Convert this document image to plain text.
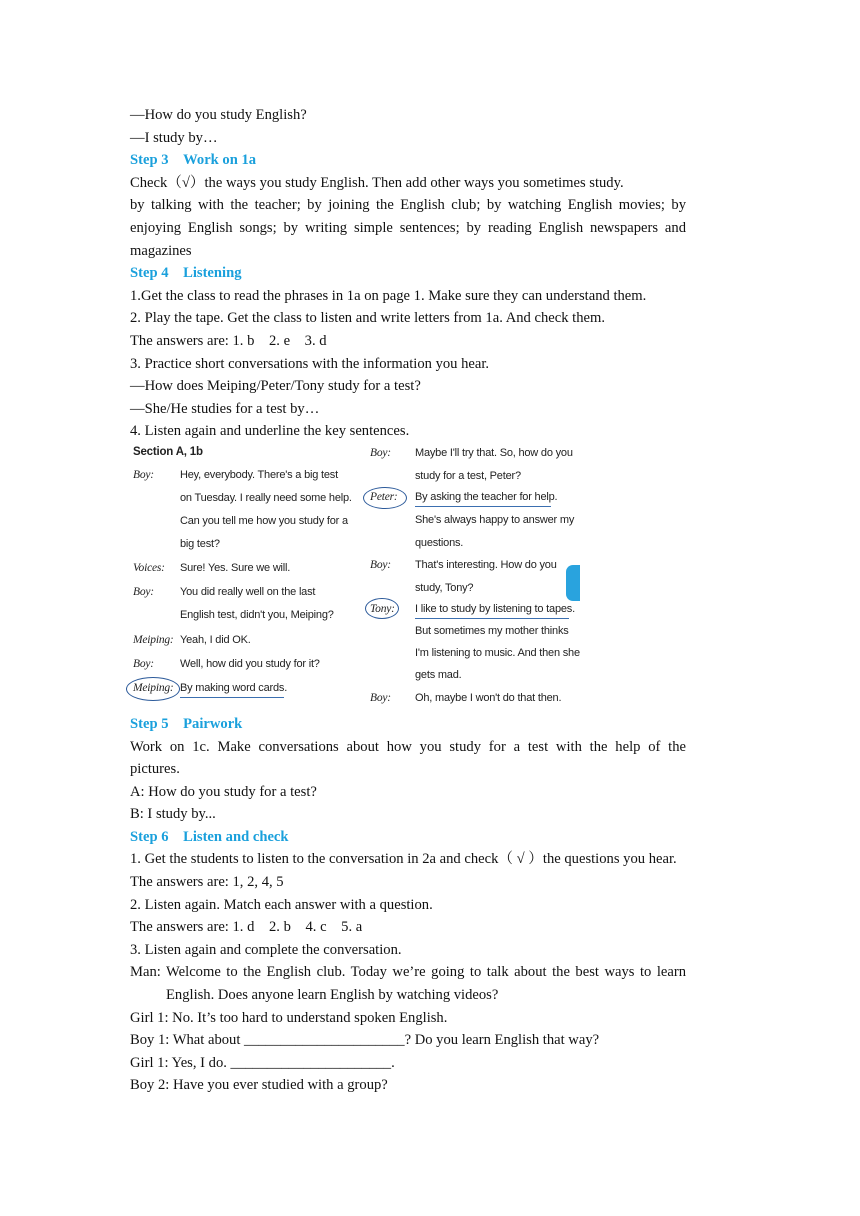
—How do you study English?
—I study by…
Step 3　Work on 1a
Check（√）the ways you study English. Then add other ways you sometimes study.
by talking with the teacher; by joining the English club; by watching English movies; by
enjoying English songs; by writing simple sentences; by reading English newspapers and
magazines
Step 4　Listening
1.Get the class to read the phrases in 1a on page 1. Make sure they can understand them.
2. Play the tape. Get the class to listen and write letters from 1a. And check them.
The answers are: 1. b　2. e　3. d
3. Practice short conversations with the information you hear.
—How does Meiping/Peter/Tony study for a test?
—She/He studies for a test by…
4. Listen again and underline the key sentences.
Section A, 1b
Boy: Hey, everybody. There's a big test
on Tuesday. I really need some help.
Can you tell me how you study for a
big test?
Voices: Sure! Yes. Sure we will.
Boy: You did really well on the last
English test, didn't you, Meiping?
Meiping: Yeah, I did OK.
Boy: Well, how did you study for it?
Meiping: By making word cards.
Boy: Maybe I'll try that. So, how do you
study for a test, Peter?
Peter: By asking the teacher for help.
She's always happy to answer my
questions.
Boy: That's interesting. How do you
study, Tony?
Tony: I like to study by listening to tapes.
But sometimes my mother thinks
I'm listening to music. And then she
gets mad.
Boy: Oh, maybe I won't do that then.
Step 5　Pairwork
Work on 1c. Make conversations about how you study for a test with the help of the
pictures.
A: How do you study for a test?
B: I study by...
Step 6　Listen and check
1. Get the students to listen to the conversation in 2a and check（ √ ）the questions you hear.
The answers are: 1, 2, 4, 5
2. Listen again. Match each answer with a question.
The answers are: 1. d　2. b　4. c　5. a
3. Listen again and complete the conversation.
Man: Welcome to the English club. Today we’re going to talk about the best ways to learn
English. Does anyone learn English by watching videos?
Girl 1: No. It’s too hard to understand spoken English.
Boy 1: What about ______________________? Do you learn English that way?
Girl 1: Yes, I do. ______________________.
Boy 2: Have you ever studied with a group?
